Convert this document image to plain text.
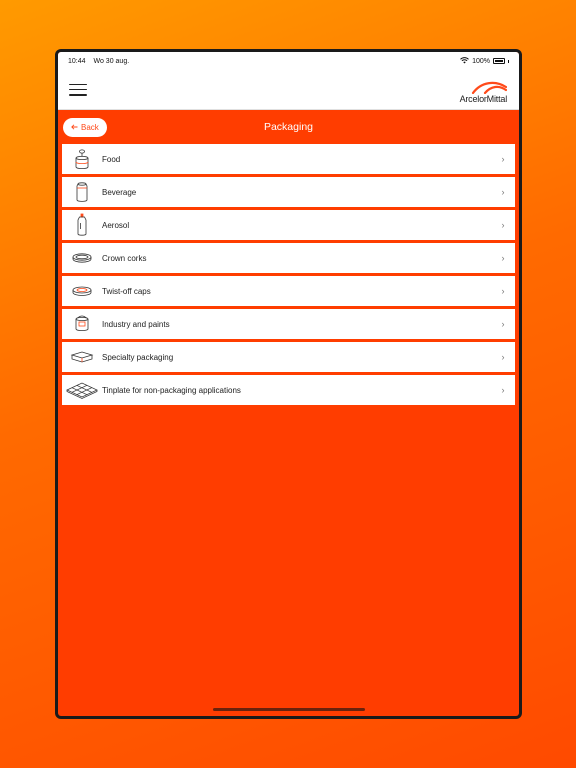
10:44 Wo 30 aug.	100%
ArcelorMittal
Back	Packaging
Food	›
Beverage	›
Aerosol	›
Crown corks	›
Twist-off caps	›
Industry and paints	›
Specialty packaging	›
Tinplate for non-packaging applications	›
